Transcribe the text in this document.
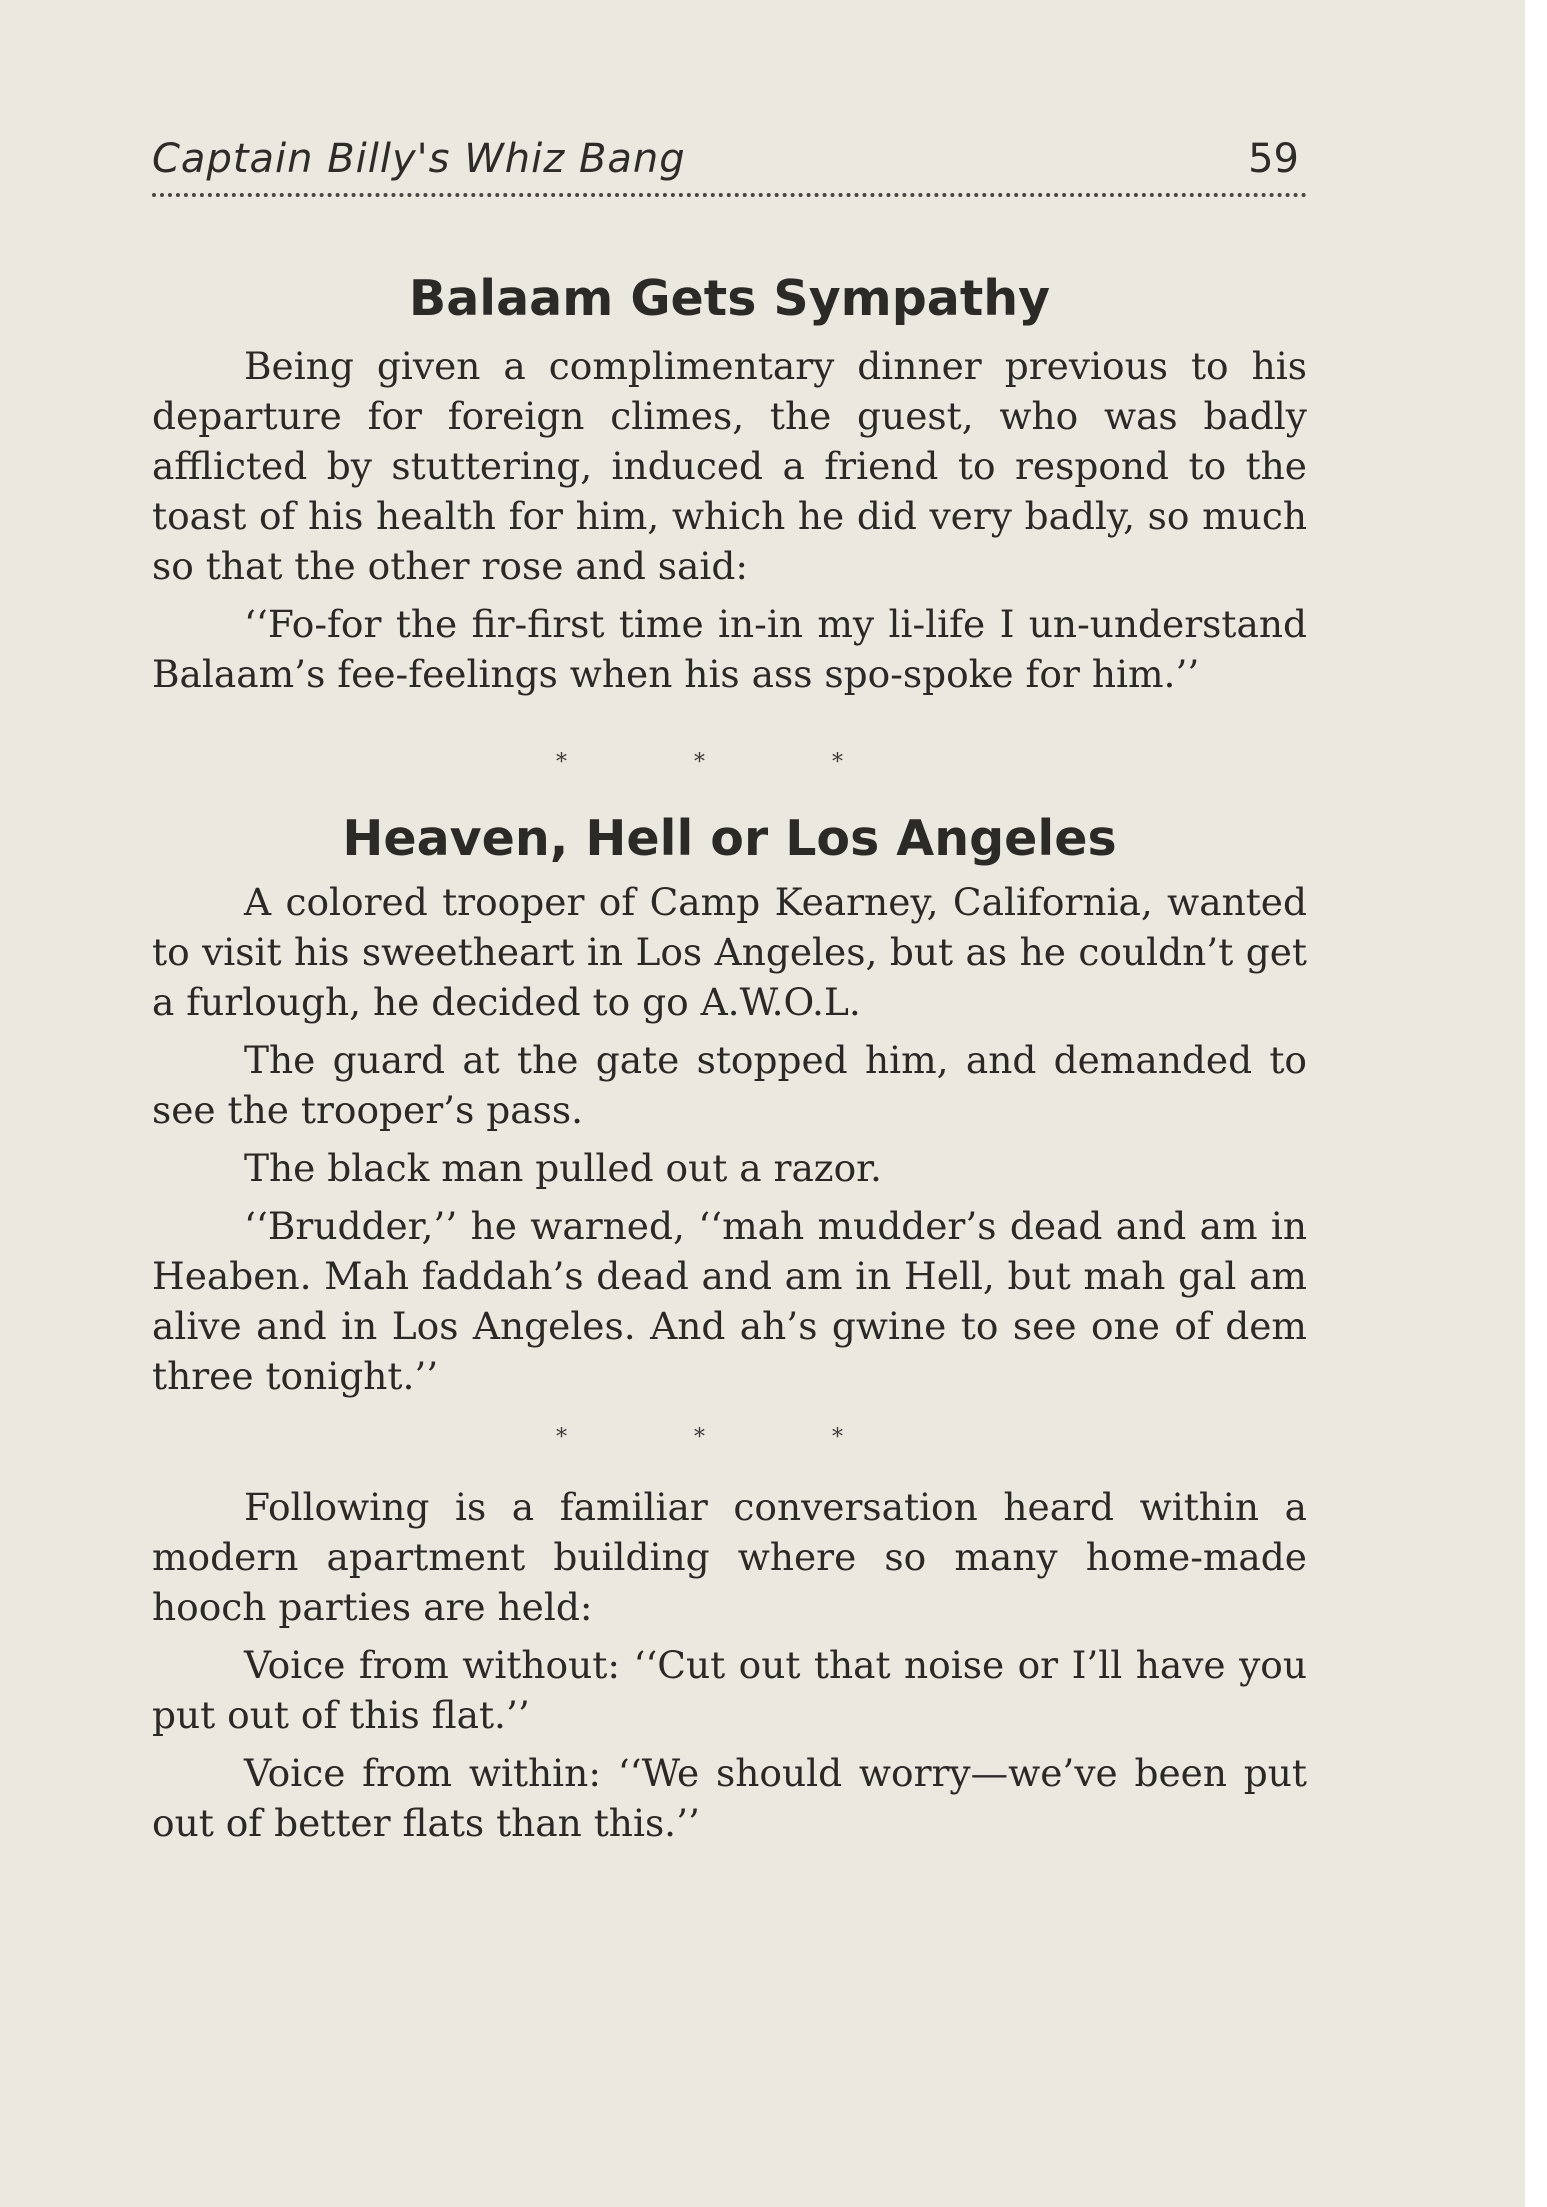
Captain Billy's Whiz Bang	59
Balaam Gets Sympathy

Being given a complimentary dinner previous to his departure for foreign climes, the guest, who was badly afflicted by stuttering, induced a friend to respond to the toast of his health for him, which he did very badly, so much so that the other rose and said:

‘‘Fo-for the fir-first time in-in my li-life I un-understand Balaam’s fee-feelings when his ass spo-spoke for him.’’

* * *
Heaven, Hell or Los Angeles

A colored trooper of Camp Kearney, California, wanted to visit his sweetheart in Los Angeles, but as he couldn’t get a furlough, he decided to go A.W.O.L.

The guard at the gate stopped him, and demanded to see the trooper’s pass.

The black man pulled out a razor.

‘‘Brudder,’’ he warned, ‘‘mah mudder’s dead and am in Heaben. Mah faddah’s dead and am in Hell, but mah gal am alive and in Los Angeles. And ah’s gwine to see one of dem three tonight.’’

* * *

Following is a familiar conversation heard within a modern apartment building where so many home-made hooch parties are held:

Voice from without: ‘‘Cut out that noise or I’ll have you put out of this flat.’’

Voice from within: ‘‘We should worry—we’ve been put out of better flats than this.’’
